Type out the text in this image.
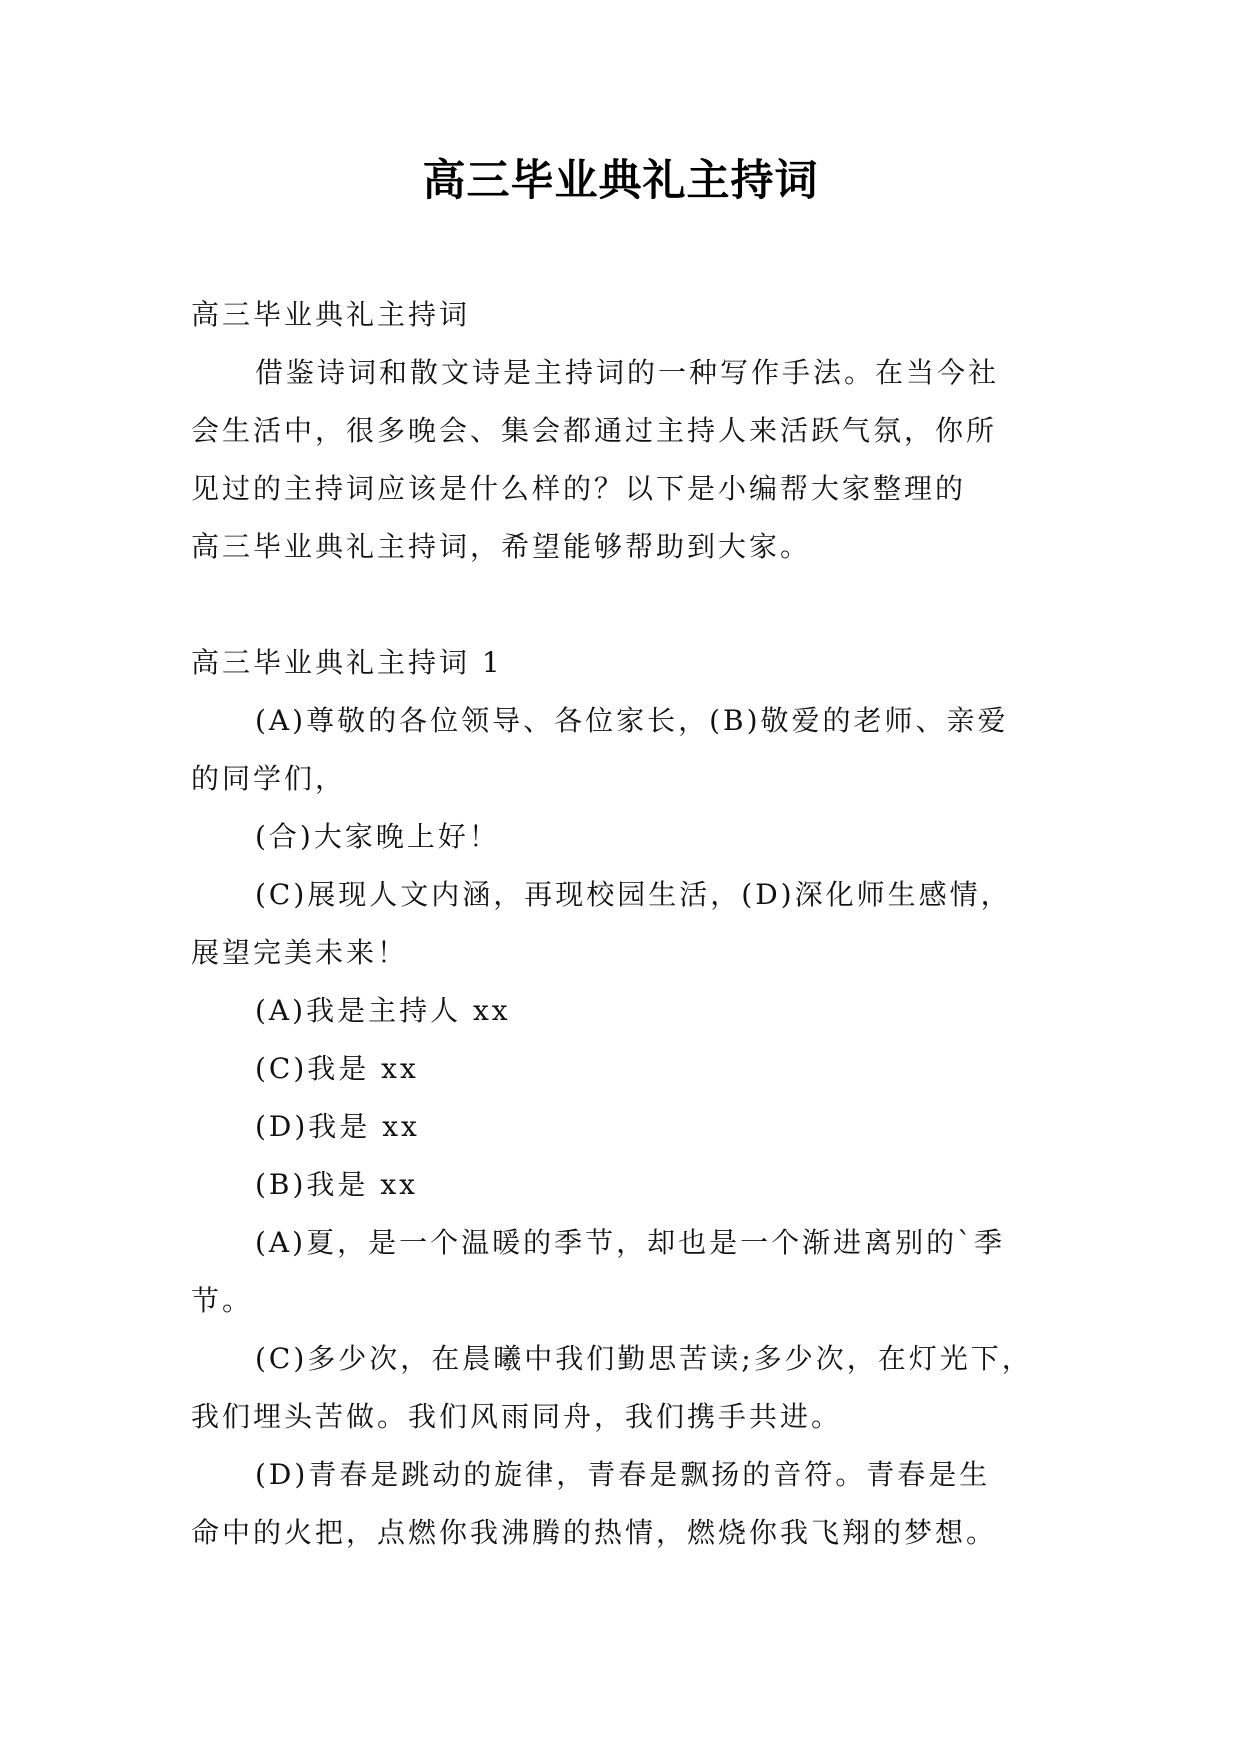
高三毕业典礼主持词
高三毕业典礼主持词
借鉴诗词和散文诗是主持词的一种写作手法。在当今社
会生活中，很多晚会、集会都通过主持人来活跃气氛，你所
见过的主持词应该是什么样的？以下是小编帮大家整理的
高三毕业典礼主持词，希望能够帮助到大家。
高三毕业典礼主持词 1
(A)尊敬的各位领导、各位家长，(B)敬爱的老师、亲爱
的同学们，
(合)大家晚上好！
(C)展现人文内涵，再现校园生活，(D)深化师生感情，
展望完美未来！
(A)我是主持人 xx
(C)我是 xx
(D)我是 xx
(B)我是 xx
(A)夏，是一个温暖的季节，却也是一个渐进离别的`季
节。
(C)多少次，在晨曦中我们勤思苦读;多少次，在灯光下，
我们埋头苦做。我们风雨同舟，我们携手共进。
(D)青春是跳动的旋律，青春是飘扬的音符。青春是生
命中的火把，点燃你我沸腾的热情，燃烧你我飞翔的梦想。
